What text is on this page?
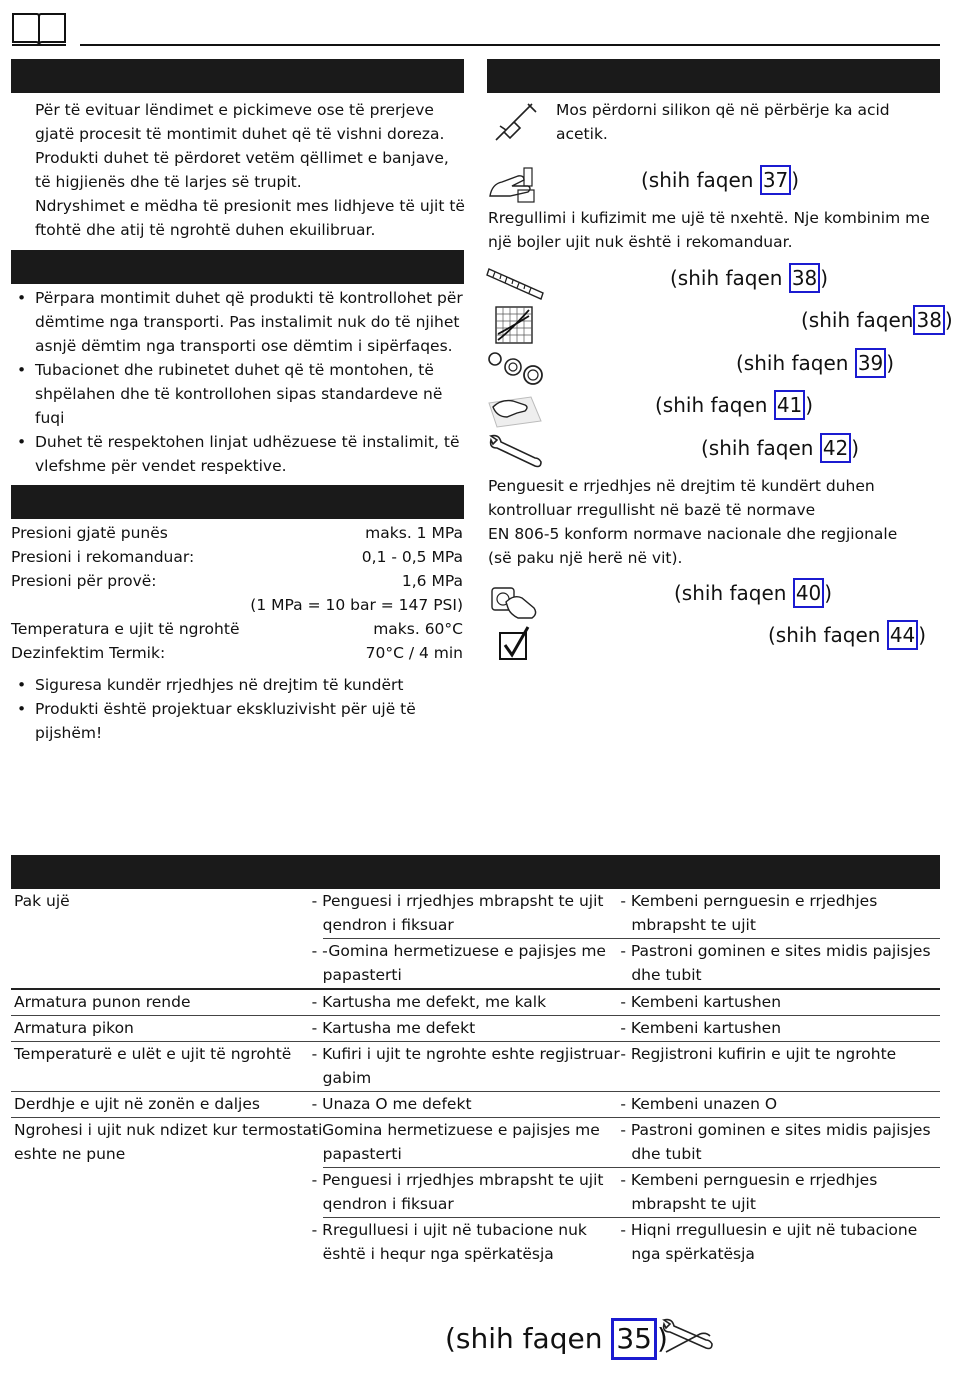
Për të evituar lëndimet e pickimeve ose të prerjeve
gjatë procesit të montimit duhet që të vishni doreza.
Produkti duhet të përdoret vetëm qëllimet e banjave,
të higjienës dhe të larjes së trupit.
Ndryshimet e mëdha të presionit mes lidhjeve të ujit të
ftohtë dhe atij të ngrohtë duhen ekuilibruar.
• Përpara montimit duhet që produkti të kontrollohet për dëmtime nga transporti. Pas instalimit nuk do të njihet asnjë dëmtim nga transporti ose dëmtim i sipërfaqes.
• Tubacionet dhe rubinetet duhet që të montohen, të shpëlahen dhe të kontrollohen sipas standardeve në fuqi
• Duhet të respektohen linjat udhëzuese të instalimit, të vlefshme për vendet respektive.
Presioni gjatë punës	maks. 1 MPa
Presioni i rekomanduar:	0,1 - 0,5 MPa
Presioni për provë:	1,6 MPa
(1 MPa = 10 bar = 147 PSI)
Temperatura e ujit të ngrohtë	maks. 60°C
Dezinfektim Termik:	70°C / 4 min
• Siguresa kundër rrjedhjes në drejtim të kundërt
• Produkti është projektuar ekskluzivisht për ujë të pijshëm!
Mos përdorni silikon që në përbërje ka acid acetik.
(shih faqen 37 )
Rregullimi i kufizimit me ujë të nxehtë. Nje kombinim me një bojler ujit nuk është i rekomanduar.
(shih faqen 38 )
(shih faqen 38 )
(shih faqen 39 )
(shih faqen 41 )
(shih faqen 42 )
Penguesit e rrjedhjes në drejtim të kundërt duhen
kontrolluar rregullisht në bazë të normave
EN 806-5 konform normave nacionale dhe regjionale
(së paku një herë në vit).
(shih faqen 40 )
(shih faqen 44 )
Pak ujë	- Penguesi i rrjedhjes mbrapsht te ujit qendron i fiksuar	- Kembeni pernguesin e rrjedhjes mbrapsht te ujit
	- -Gomina hermetizuese e pajisjes me papasterti	- Pastroni gominen e sites midis pajisjes dhe tubit
Armatura punon rende	- Kartusha me defekt, me kalk	- Kembeni kartushen
Armatura pikon	- Kartusha me defekt	- Kembeni kartushen
Temperaturë e ulët e ujit të ngrohtë	- Kufiri i ujit te ngrohte eshte regjistruar gabim	- Regjistroni kufirin e ujit te ngrohte
Derdhje e ujit në zonën e daljes	- Unaza O me defekt	- Kembeni unazen O
Ngrohesi i ujit nuk ndizet kur termostati eshte ne pune	- Gomina hermetizuese e pajisjes me papasterti	- Pastroni gominen e sites midis pajisjes dhe tubit
	- Penguesi i rrjedhjes mbrapsht te ujit qendron i fiksuar	- Kembeni pernguesin e rrjedhjes mbrapsht te ujit
	- Rregulluesi i ujit në tubacione nuk është i hequr nga spërkatësja	- Hiqni rregulluesin e ujit në tubacione nga spërkatësja
(shih faqen 35 )
